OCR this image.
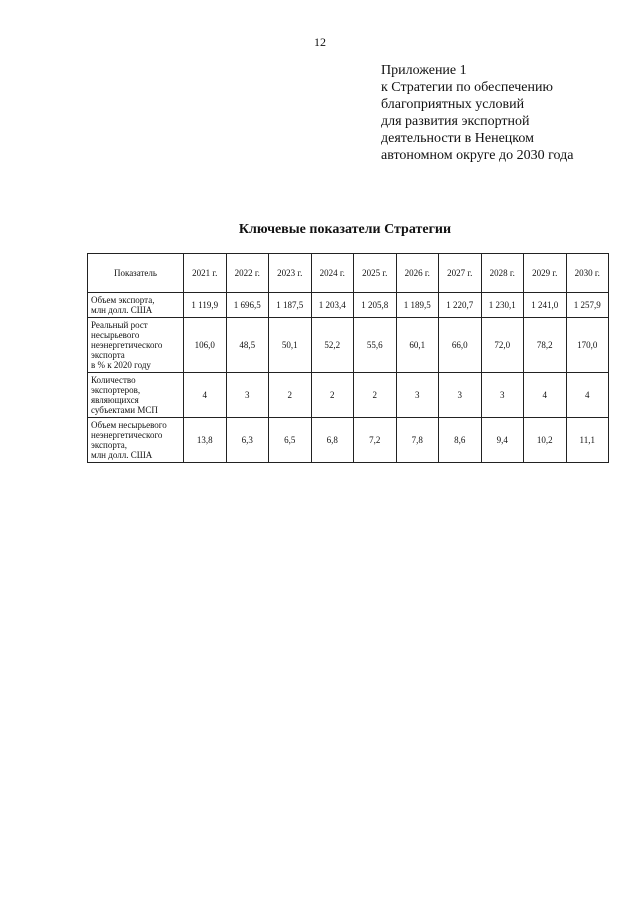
12
Приложение 1
к Стратегии по обеспечению
благоприятных условий
для развития экспортной
деятельности в Ненецком
автономном округе до 2030 года
Ключевые показатели Стратегии
Показатель	2021 г.	2022 г.	2023 г.	2024 г.	2025 г.	2026 г.	2027 г.	2028 г.	2029 г.	2030 г.

Объем экспорта,
млн долл. США	1 119,9	1 696,5	1 187,5	1 203,4	1 205,8	1 189,5	1 220,7	1 230,1	1 241,0	1 257,9

Реальный рост
несырьевого
неэнергетического
экспорта
в % к 2020 году	106,0	48,5	50,1	52,2	55,6	60,1	66,0	72,0	78,2	170,0

Количество
экспортеров,
являющихся
субъектами МСП	4	3	2	2	2	3	3	3	4	4

Объем несырьевого
неэнергетического
экспорта,
млн долл. США	13,8	6,3	6,5	6,8	7,2	7,8	8,6	9,4	10,2	11,1
